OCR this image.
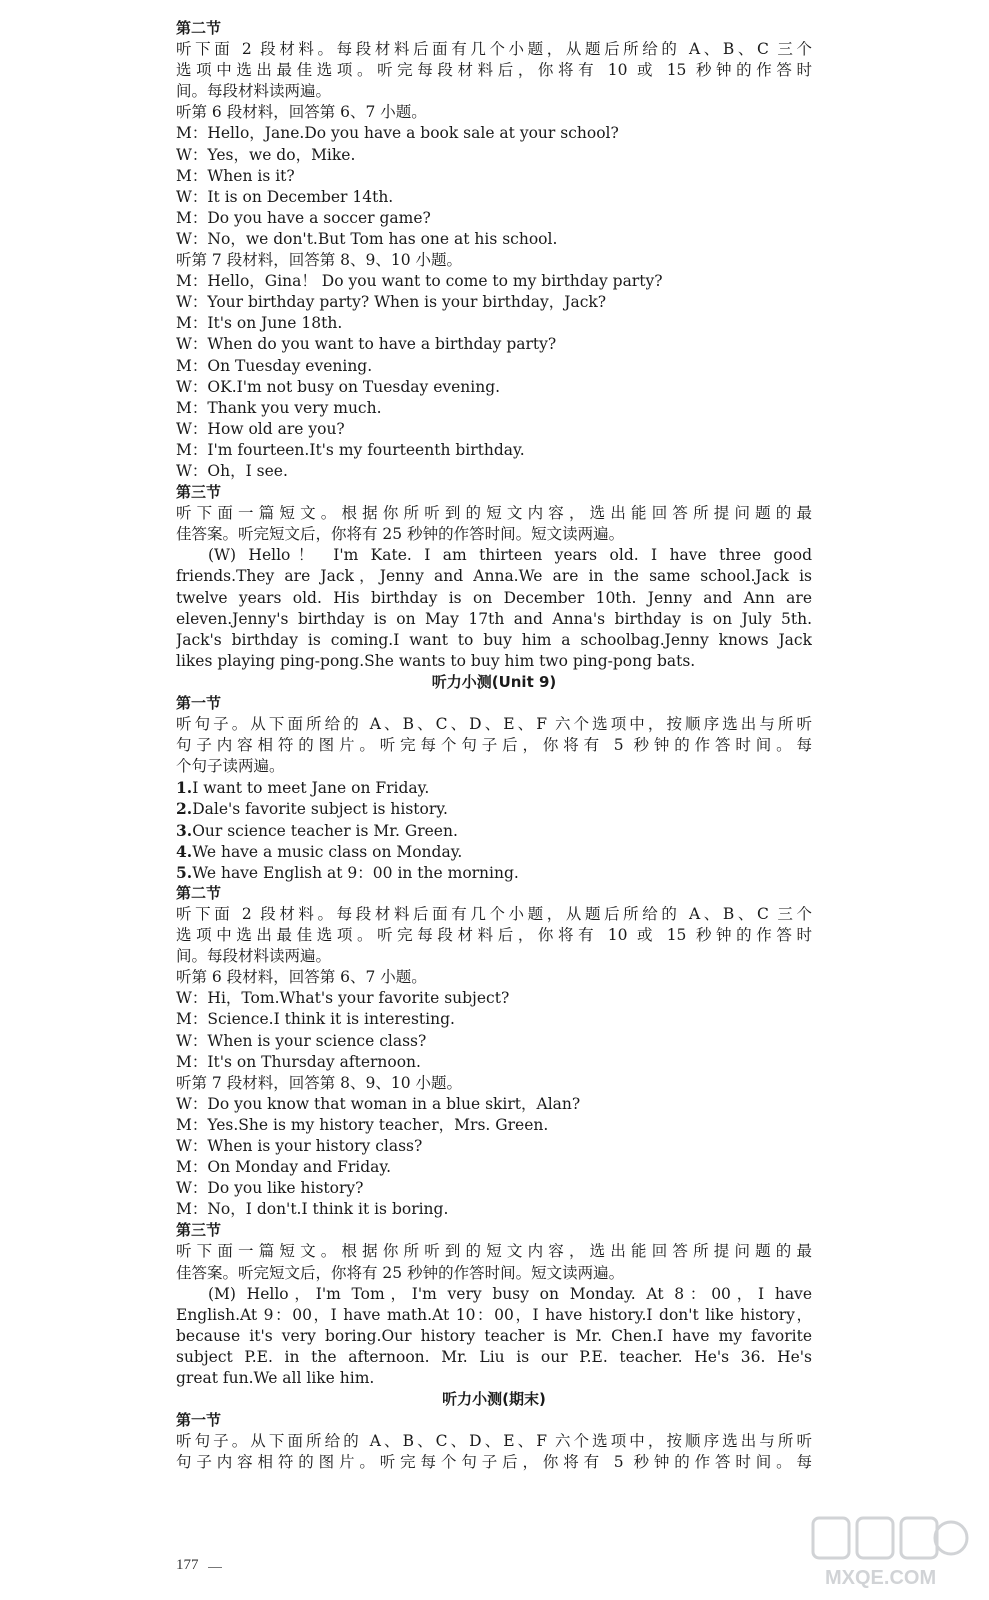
第二节
听下面 2 段材料。每段材料后面有几个小题，从题后所给的 A、B、C 三个
选项中选出最佳选项。听完每段材料后，你将有 10 或 15 秒钟的作答时
间。每段材料读两遍。
听第 6 段材料，回答第 6、7 小题。
M：Hello，Jane.Do you have a book sale at your school?
W：Yes，we do，Mike.
M：When is it?
W：It is on December 14th.
M：Do you have a soccer game?
W：No，we don't.But Tom has one at his school.
听第 7 段材料，回答第 8、9、10 小题。
M：Hello，Gina！ Do you want to come to my birthday party?
W：Your birthday party? When is your birthday，Jack?
M：It's on June 18th.
W：When do you want to have a birthday party?
M：On Tuesday evening.
W：OK.I'm not busy on Tuesday evening.
M：Thank you very much.
W：How old are you?
M：I'm fourteen.It's my fourteenth birthday.
W：Oh，I see.
第三节
听下面一篇短文。根据你所听到的短文内容，选出能回答所提问题的最
佳答案。听完短文后，你将有 25 秒钟的作答时间。短文读两遍。
(W) Hello！ I'm Kate. I am thirteen years old. I have three good
friends.They are Jack，Jenny and Anna.We are in the same school.Jack is
twelve years old. His birthday is on December 10th. Jenny and Ann are
eleven.Jenny's birthday is on May 17th and Anna's birthday is on July 5th.
Jack's birthday is coming.I want to buy him a schoolbag.Jenny knows Jack
likes playing ping-pong.She wants to buy him two ping-pong bats.
听力小测(Unit 9)
第一节
听句子。从下面所给的 A、B、C、D、E、F 六个选项中，按顺序选出与所听
句子内容相符的图片。听完每个句子后，你将有 5 秒钟的作答时间。每
个句子读两遍。
1.I want to meet Jane on Friday.
2.Dale's favorite subject is history.
3.Our science teacher is Mr. Green.
4.We have a music class on Monday.
5.We have English at 9：00 in the morning.
第二节
听下面 2 段材料。每段材料后面有几个小题，从题后所给的 A、B、C 三个
选项中选出最佳选项。听完每段材料后，你将有 10 或 15 秒钟的作答时
间。每段材料读两遍。
听第 6 段材料，回答第 6、7 小题。
W：Hi，Tom.What's your favorite subject?
M：Science.I think it is interesting.
W：When is your science class?
M：It's on Thursday afternoon.
听第 7 段材料，回答第 8、9、10 小题。
W：Do you know that woman in a blue skirt，Alan?
M：Yes.She is my history teacher，Mrs. Green.
W：When is your history class?
M：On Monday and Friday.
W：Do you like history?
M：No，I don't.I think it is boring.
第三节
听下面一篇短文。根据你所听到的短文内容，选出能回答所提问题的最
佳答案。听完短文后，你将有 25 秒钟的作答时间。短文读两遍。
(M) Hello，I'm Tom，I'm very busy on Monday. At 8：00，I have
English.At 9：00，I have math.At 10：00，I have history.I don't like history，
because it's very boring.Our history teacher is Mr. Chen.I have my favorite
subject P.E. in the afternoon. Mr. Liu is our P.E. teacher. He's 36. He's
great fun.We all like him.
听力小测(期末)
第一节
听句子。从下面所给的 A、B、C、D、E、F 六个选项中，按顺序选出与所听
句子内容相符的图片。听完每个句子后，你将有 5 秒钟的作答时间。每
177
MXQE.COM
